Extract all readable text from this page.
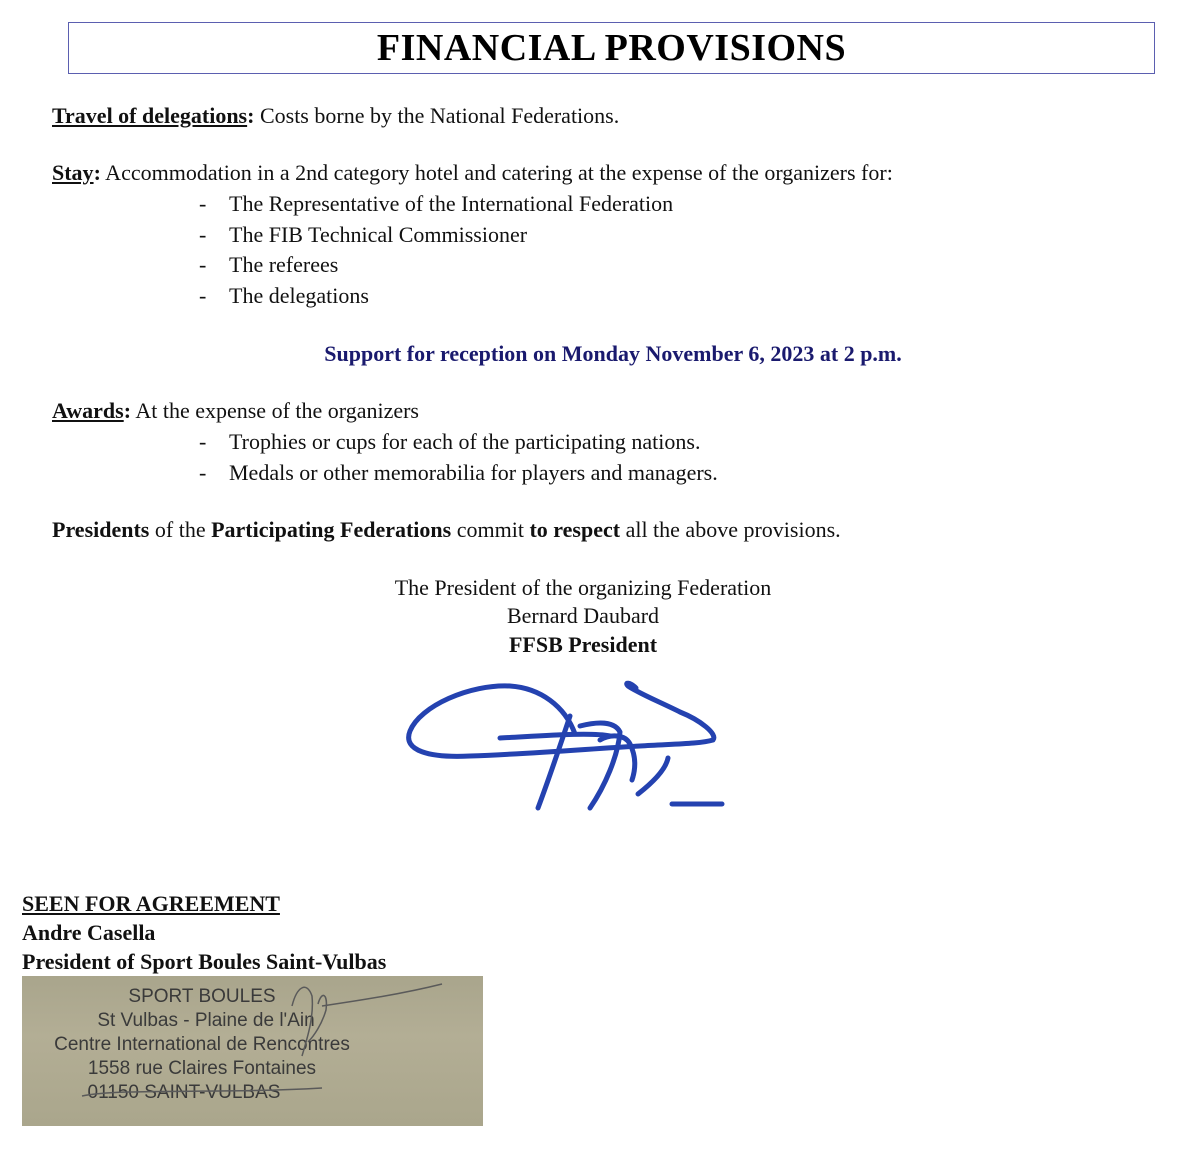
FINANCIAL PROVISIONS
Travel of delegations: Costs borne by the National Federations.
Stay: Accommodation in a 2nd category hotel and catering at the expense of the organizers for:
- The Representative of the International Federation
- The FIB Technical Commissioner
- The referees
- The delegations
Support for reception on Monday November 6, 2023 at 2 p.m.
Awards: At the expense of the organizers
- Trophies or cups for each of the participating nations.
- Medals or other memorabilia for players and managers.
Presidents of the Participating Federations commit to respect all the above provisions.
The President of the organizing Federation
Bernard Daubard
FFSB President
SEEN FOR AGREEMENT
Andre Casella
President of Sport Boules Saint-Vulbas
SPORT BOULES
St Vulbas - Plaine de l'Ain
Centre International de Rencontres
1558 rue Claires Fontaines
01150 SAINT-VULBAS
